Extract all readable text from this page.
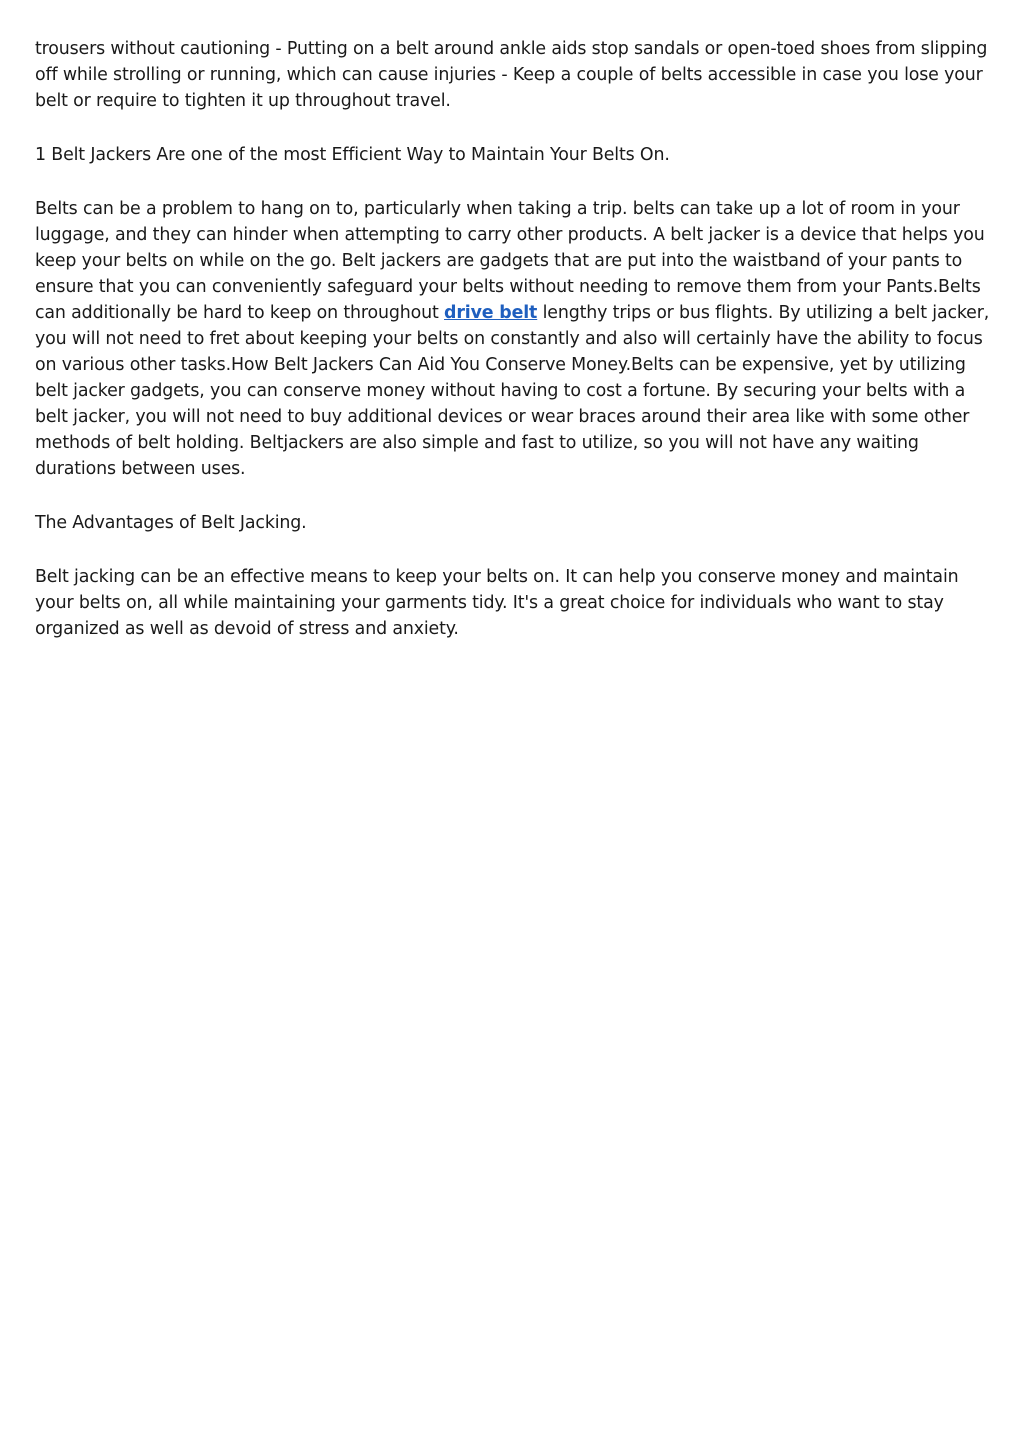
trousers without cautioning - Putting on a belt around ankle aids stop sandals or open-toed shoes from slipping off while strolling or running, which can cause injuries - Keep a couple of belts accessible in case you lose your belt or require to tighten it up throughout travel.

1 Belt Jackers Are one of the most Efficient Way to Maintain Your Belts On.

Belts can be a problem to hang on to, particularly when taking a trip. belts can take up a lot of room in your luggage, and they can hinder when attempting to carry other products. A belt jacker is a device that helps you keep your belts on while on the go. Belt jackers are gadgets that are put into the waistband of your pants to ensure that you can conveniently safeguard your belts without needing to remove them from your Pants.Belts can additionally be hard to keep on throughout drive belt lengthy trips or bus flights. By utilizing a belt jacker, you will not need to fret about keeping your belts on constantly and also will certainly have the ability to focus on various other tasks.How Belt Jackers Can Aid You Conserve Money.Belts can be expensive, yet by utilizing belt jacker gadgets, you can conserve money without having to cost a fortune. By securing your belts with a belt jacker, you will not need to buy additional devices or wear braces around their area like with some other methods of belt holding. Beltjackers are also simple and fast to utilize, so you will not have any waiting durations between uses.

The Advantages of Belt Jacking.

Belt jacking can be an effective means to keep your belts on. It can help you conserve money and maintain your belts on, all while maintaining your garments tidy. It's a great choice for individuals who want to stay organized as well as devoid of stress and anxiety.
